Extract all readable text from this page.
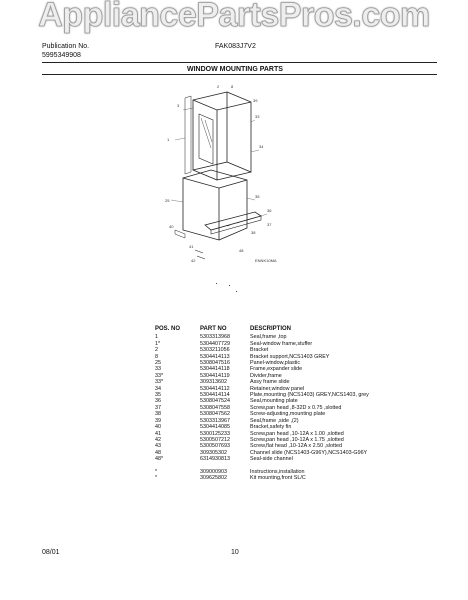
AppliancePartsPros.com
Publication No.
5995349908
FAK083J7V2
WINDOW MOUNTING PARTS
3
1
33
34
35
36
25
37
38
40
41
42
2	8
39
48
ENNK10MA
POS. NO	PART NO	DESCRIPTION
1	5303313968	Seal,frame ,top
1*	5304407729	Seal-window frame,stuffer
2	5303211056	Bracket
8	5304414113	Bracket support,NCS1403 GREY
25	5308047516	Panel-window,plastic
33	5304414118	Frame,expander slide
33*	5304414119	Divider,frame
33*	309313602	Assy frame slide
34	5304414112	Retainer,window panel
35	5304414114	Plate,mounting (NCS1403) GREY,NCS1403, grey
36	5308047524	Seal,mounting plate
37	5308047558	Screw,pan head ,8-32D x 0.75 ,slotted
38	5308047562	Screw-adjusting,mounting plate
39	5303313967	Seal,frame ,side ,(2)
40	5304414085	Bracket,safety fin
41	5300125233	Screw,pan head ,10-12A x 1.00 ,slotted
42	5300507212	Screw,pan head ,10-12A x 1.75 ,slotted
43	5300507693	Screw,flat head ,10-12A x 2.50 ,slotted
48	309305302	Channel slide (NCS1403-G96Y),NCS1403-G96Y
48*	6314930813	Seal-side channel

*	309000903	Instructions,installation
*	309625802	Kit mounting,front SL/C
08/01	10
